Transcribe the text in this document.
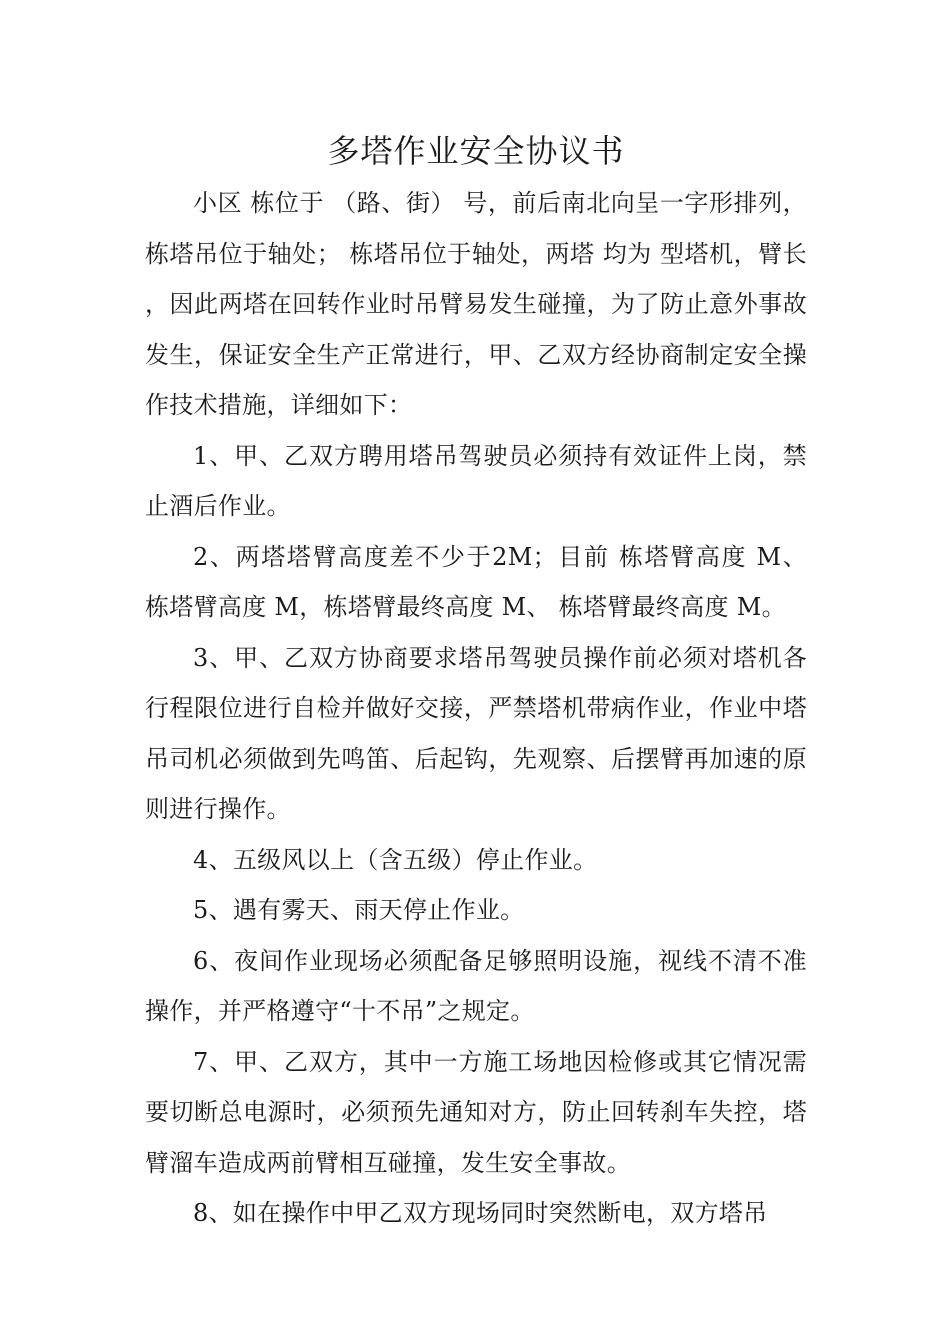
多塔作业安全协议书

小区 栋位于 （路、街） 号，前后南北向呈一字形排列， 栋塔吊位于轴处； 栋塔吊位于轴处，两塔 均为 型塔机，臂长 ，因此两塔在回转作业时吊臂易发生碰撞，为了防止意外事故发生，保证安全生产正常进行，甲、乙双方经协商制定安全操作技术措施，详细如下：

1、甲、乙双方聘用塔吊驾驶员必须持有效证件上岗，禁止酒后作业。

2、两塔塔臂高度差不少于2M；目前 栋塔臂高度 M、 栋塔臂高度 M，栋塔臂最终高度 M、 栋塔臂最终高度 M。

3、甲、乙双方协商要求塔吊驾驶员操作前必须对塔机各行程限位进行自检并做好交接，严禁塔机带病作业，作业中塔吊司机必须做到先鸣笛、后起钩，先观察、后摆臂再加速的原则进行操作。

4、五级风以上（含五级）停止作业。

5、遇有雾天、雨天停止作业。

6、夜间作业现场必须配备足够照明设施，视线不清不准操作，并严格遵守“十不吊”之规定。

7、甲、乙双方，其中一方施工场地因检修或其它情况需要切断总电源时，必须预先通知对方，防止回转刹车失控，塔臂溜车造成两前臂相互碰撞，发生安全事故。

8、如在操作中甲乙双方现场同时突然断电，双方塔吊
